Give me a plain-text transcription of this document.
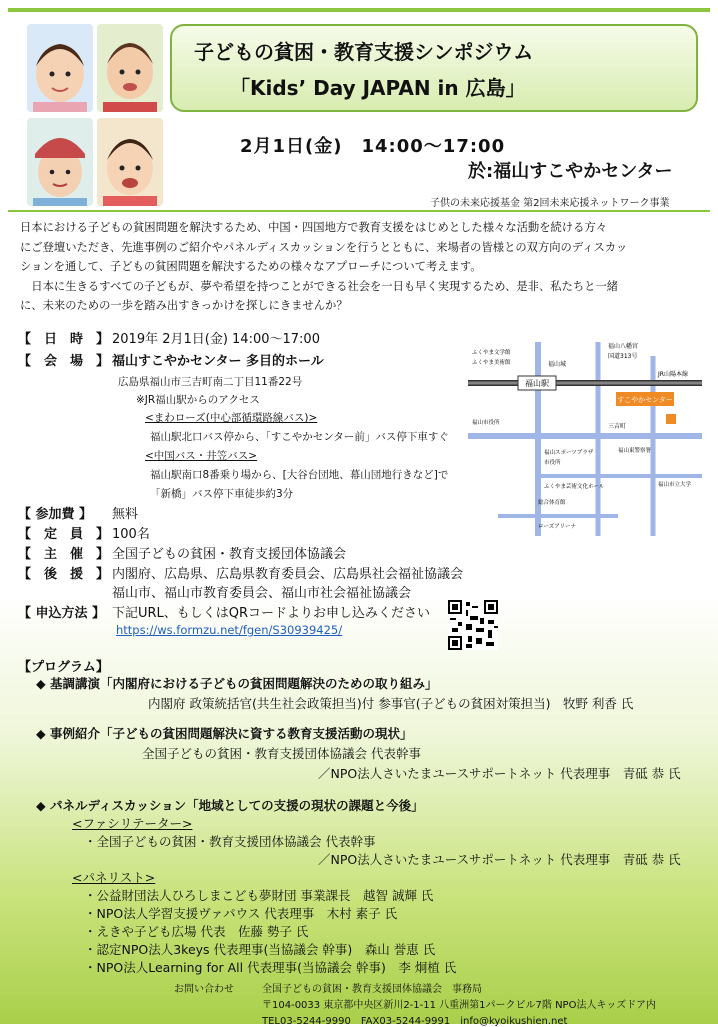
子どもの貧困・教育支援シンポジウム
「Kids’ Day JAPAN in 広島」
2月1日(金)　14:00～17:00
於:福山すこやかセンター
子供の未来応援基金 第2回未来応援ネットワーク事業

日本における子どもの貧困問題を解決するため、中国・四国地方で教育支援をはじめとした様々な活動を続ける方々

にご登壇いただき、先進事例のご紹介やパネルディスカッションを行うとともに、来場者の皆様との双方向のディスカッ

ションを通して、子どもの貧困問題を解決するための様々なアプローチについて考えます。

　日本に生きるすべての子どもが、夢や希望を持つことができる社会を一日も早く実現するため、是非、私たちと一緒

に、未来のための一歩を踏み出すきっかけを探しにきませんか？

【　日　時　】 2019年 2月1日(金) 14:00～17:00
【　会　場　】 福山すこやかセンター 多目的ホール
広島県福山市三吉町南二丁目11番22号
※JR福山駅からのアクセス
<まわローズ(中心部循環路線バス)>
福山駅北口バス停から、「すこやかセンター前」バス停下車すぐ
<中国バス・井笠バス>
福山駅南口8番乗り場から、[大谷台団地、幕山団地行きなど]で
「新橋」バス停下車徒歩約3分
【 参加費 】 無料
【　定　員　】 100名
【　主　催　】 全国子どもの貧困・教育支援団体協議会
【　後　援　】 内閣府、広島県、広島県教育委員会、広島県社会福祉協議会
福山市、福山市教育委員会、福山市社会福祉協議会
【 申込方法 】 下記URL、もしくはQRコードよりお申し込みください
https://ws.formzu.net/fgen/S30939425/
福山駅
JR山陽本線
福山八幡宮
国道313号
ふくやま文学館
ふくやま美術館	福山城
すこやかセンター
三吉町
福山市役所
福山東警察署
福山スポーツプラザ
市役所
ふくやま芸術文化ホール	福山市立大学
総合体育館
ローズアリーナ
【プログラム】
◆ 基調講演「内閣府における子どもの貧困問題解決のための取り組み」
内閣府 政策統括官(共生社会政策担当)付 参事官(子どもの貧困対策担当)　牧野 利香 氏
◆ 事例紹介「子どもの貧困問題解決に資する教育支援活動の現状」
全国子どもの貧困・教育支援団体協議会 代表幹事
／NPO法人さいたまユースサポートネット 代表理事　青砥 恭 氏
◆ パネルディスカッション「地域としての支援の現状の課題と今後」
<ファシリテーター>
・全国子どもの貧困・教育支援団体協議会 代表幹事
／NPO法人さいたまユースサポートネット 代表理事　青砥 恭 氏
<パネリスト>
・公益財団法人ひろしまこども夢財団 事業課長　越智 誠輝 氏
・NPO法人学習支援ヴァパウス 代表理事　木村 素子 氏
・えきや子ども広場 代表　佐藤 勢子 氏
・認定NPO法人3keys 代表理事(当協議会 幹事)　森山 誉恵 氏
・NPO法人Learning for All 代表理事(当協議会 幹事)　李 炯植 氏
お問い合わせ	全国子どもの貧困・教育支援団体協議会　事務局
〒104-0033 東京都中央区新川2-1-11 八重洲第1パークビル7階 NPO法人キッズドア内
TEL03-5244-9990　FAX03-5244-9991　info@kyoikushien.net
